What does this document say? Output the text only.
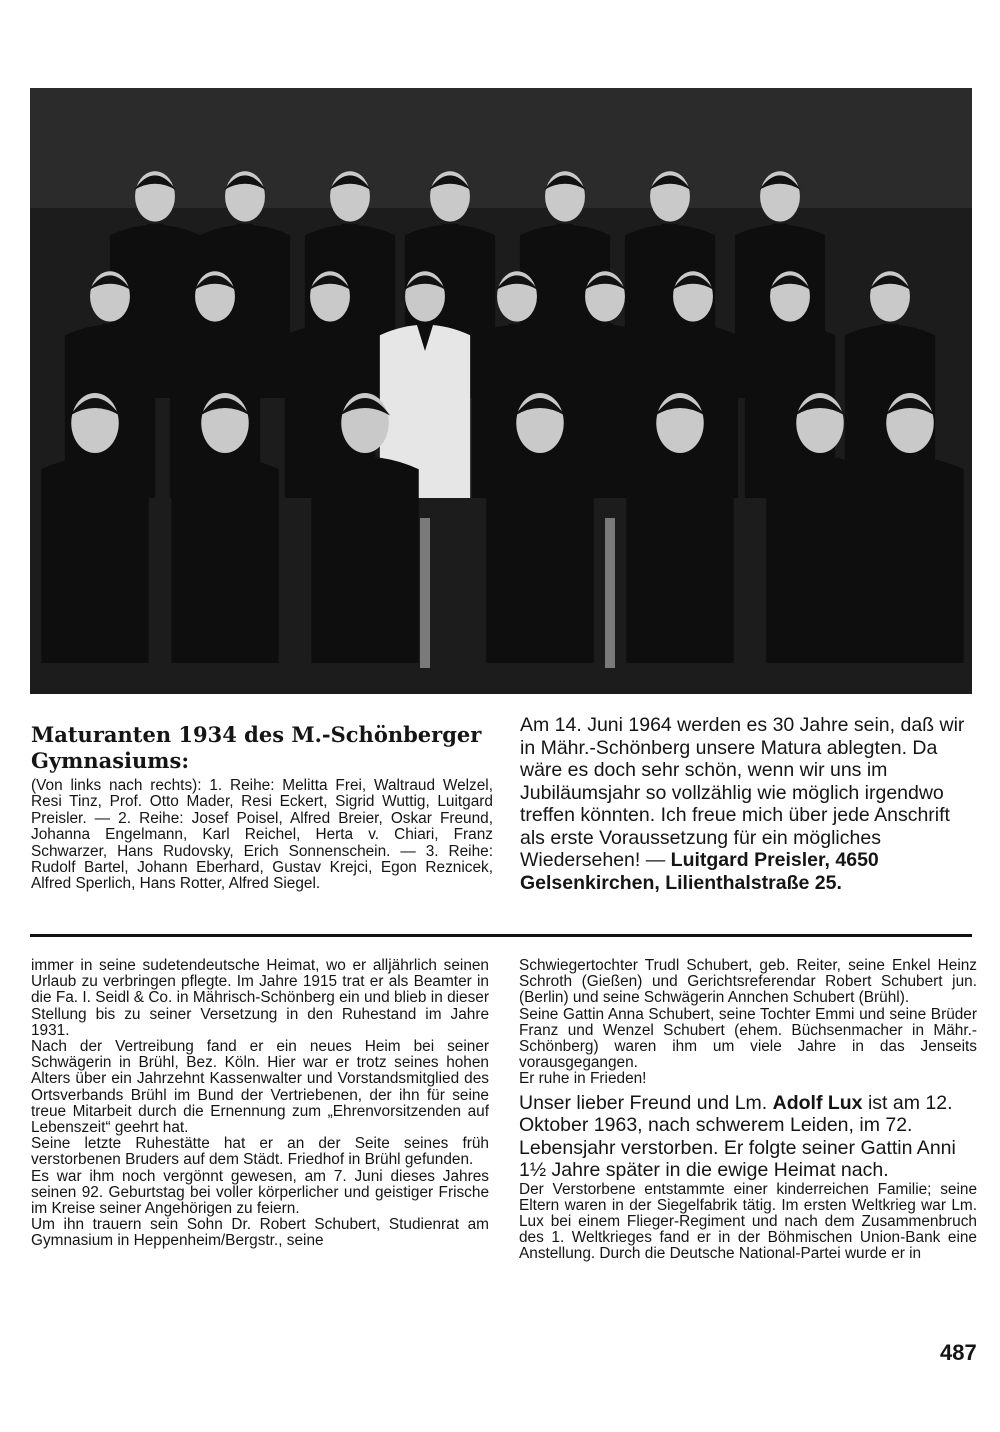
Maturanten 1934 des M.-Schönberger Gymnasiums:

(Von links nach rechts): 1. Reihe: Melitta Frei, Waltraud Welzel, Resi Tinz, Prof. Otto Mader, Resi Eckert, Sigrid Wuttig, Luitgard Preisler. — 2. Reihe: Josef Poisel, Alfred Breier, Oskar Freund, Johanna Engelmann, Karl Reichel, Herta v. Chiari, Franz Schwarzer, Hans Rudovsky, Erich Sonnenschein. — 3. Reihe: Rudolf Bartel, Johann Eberhard, Gustav Krejci, Egon Reznicek, Alfred Sperlich, Hans Rotter, Alfred Siegel.

Am 14. Juni 1964 werden es 30 Jahre sein, daß wir in Mähr.-Schönberg unsere Matura ablegten. Da wäre es doch sehr schön, wenn wir uns im Jubiläumsjahr so vollzählig wie möglich irgendwo treffen könnten. Ich freue mich über jede Anschrift als erste Voraussetzung für ein mögliches Wiedersehen! — Luitgard Preisler, 4650 Gelsenkirchen, Lilienthalstraße 25.

immer in seine sudetendeutsche Heimat, wo er alljährlich seinen Urlaub zu verbringen pflegte. Im Jahre 1915 trat er als Beamter in die Fa. I. Seidl & Co. in Mährisch-Schönberg ein und blieb in dieser Stellung bis zu seiner Versetzung in den Ruhestand im Jahre 1931.

Nach der Vertreibung fand er ein neues Heim bei seiner Schwägerin in Brühl, Bez. Köln. Hier war er trotz seines hohen Alters über ein Jahrzehnt Kassenwalter und Vorstandsmitglied des Ortsverbands Brühl im Bund der Vertriebenen, der ihn für seine treue Mitarbeit durch die Ernennung zum „Ehrenvorsitzenden auf Lebenszeit“ geehrt hat.

Seine letzte Ruhestätte hat er an der Seite seines früh verstorbenen Bruders auf dem Städt. Friedhof in Brühl gefunden.

Es war ihm noch vergönnt gewesen, am 7. Juni dieses Jahres seinen 92. Geburtstag bei voller körperlicher und geistiger Frische im Kreise seiner Angehörigen zu feiern.

Um ihn trauern sein Sohn Dr. Robert Schubert, Studienrat am Gymnasium in Heppenheim/Bergstr., seine

Schwiegertochter Trudl Schubert, geb. Reiter, seine Enkel Heinz Schroth (Gießen) und Gerichtsreferendar Robert Schubert jun. (Berlin) und seine Schwägerin Annchen Schubert (Brühl).

Seine Gattin Anna Schubert, seine Tochter Emmi und seine Brüder Franz und Wenzel Schubert (ehem. Büchsenmacher in Mähr.-Schönberg) waren ihm um viele Jahre in das Jenseits vorausgegangen.

Er ruhe in Frieden!

Unser lieber Freund und Lm. Adolf Lux ist am 12. Oktober 1963, nach schwerem Leiden, im 72. Lebensjahr verstorben. Er folgte seiner Gattin Anni 1½ Jahre später in die ewige Heimat nach.

Der Verstorbene entstammte einer kinderreichen Familie; seine Eltern waren in der Siegelfabrik tätig. Im ersten Weltkrieg war Lm. Lux bei einem Flieger-Regiment und nach dem Zusammenbruch des 1. Weltkrieges fand er in der Böhmischen Union-Bank eine Anstellung. Durch die Deutsche National-Partei wurde er in

487
